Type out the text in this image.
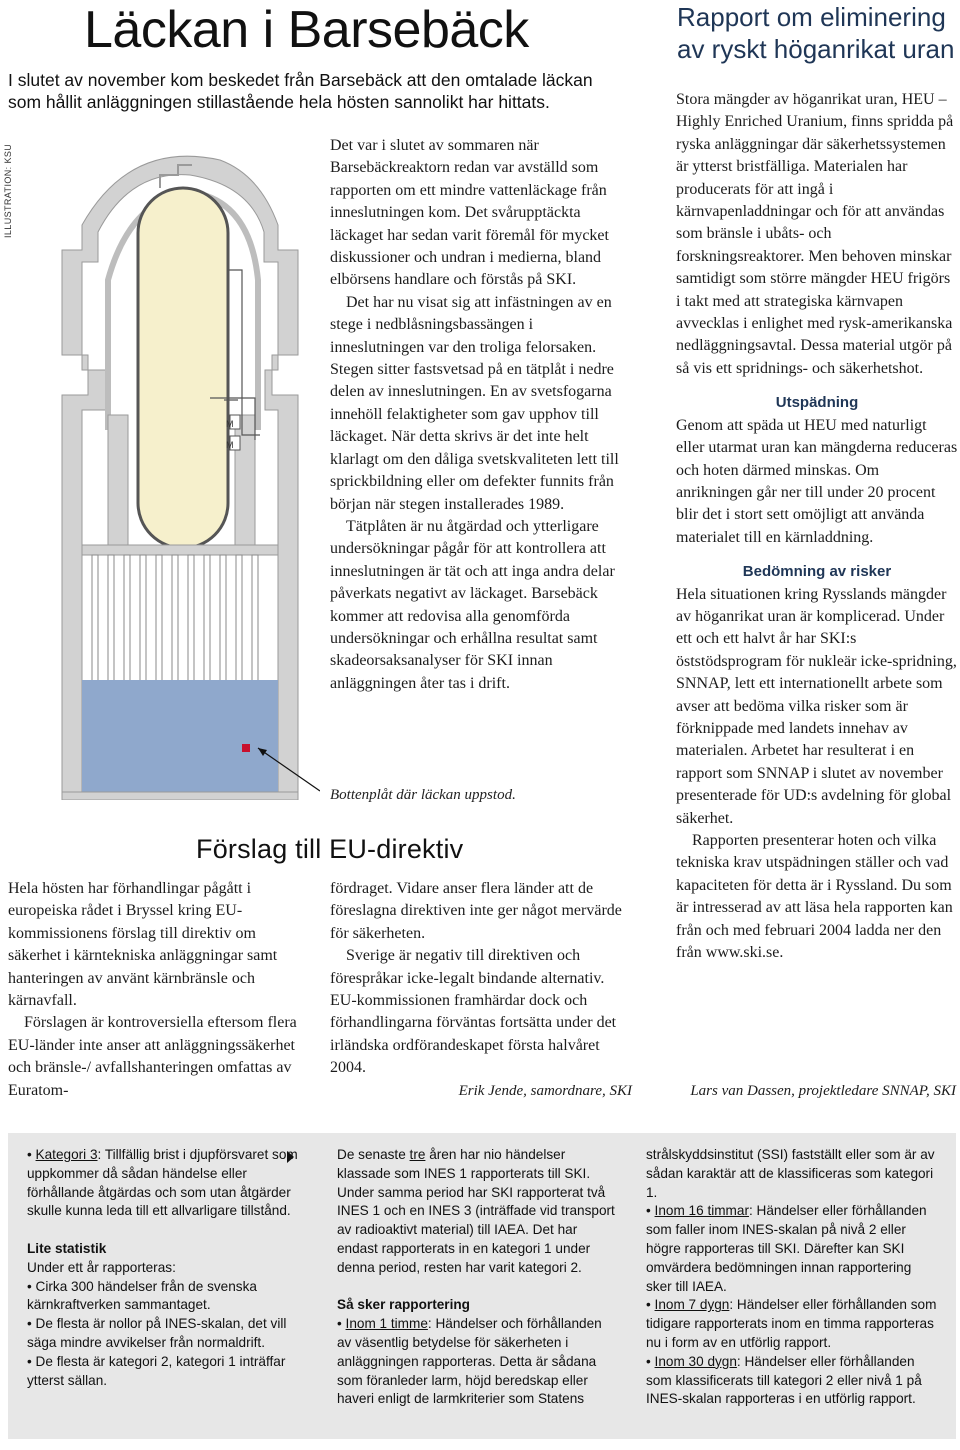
Läckan i Barsebäck
I slutet av november kom beskedet från Barsebäck att den omtalade läckan som hållit anläggningen stillastående hela hösten sannolikt har hittats.
ILLUSTRATION: KSU
M
M

Det var i slutet av sommaren när Barsebäckreaktorn redan var avställd som rapporten om ett mindre vattenläckage från inneslutningen kom. Det svårupptäckta läckaget har sedan varit föremål för mycket diskussioner och undran i medierna, bland elbörsens handlare och förstås på SKI.

Det har nu visat sig att infästningen av en stege i nedblåsningsbassängen i inneslutningen var den troliga felorsaken. Stegen sitter fastsvetsad på en tätplåt i nedre delen av inneslutningen. En av svetsfogarna innehöll felaktigheter som gav upphov till läckaget. När detta skrivs är det inte helt klarlagt om den dåliga svetskvaliteten lett till sprickbildning eller om defekter funnits från början när stegen installerades 1989.

Tätplåten är nu åtgärdad och ytterligare undersökningar pågår för att kontrollera att inneslutningen är tät och att inga andra delar påverkats negativt av läckaget. Barsebäck kommer att redovisa alla genomförda undersökningar och erhållna resultat samt skadeorsaksanalyser för SKI innan anläggningen åter tas i drift.

Bottenplåt där läckan uppstod.
Förslag till EU-direktiv

Hela hösten har förhandlingar pågått i europeiska rådet i Bryssel kring EU-kommissionens förslag till direktiv om säkerhet i kärntekniska anläggningar samt hanteringen av använt kärnbränsle och kärnavfall.

Förslagen är kontroversiella eftersom flera EU-länder inte anser att anläggningssäkerhet och bränsle-/ avfallshanteringen omfattas av Euratom-

fördraget. Vidare anser flera länder att de föreslagna direktiven inte ger något mervärde för säkerheten.

Sverige är negativ till direktiven och förespråkar icke-legalt bindande alternativ. EU-kommissionen framhärdar dock och förhandlingarna förväntas fortsätta under det irländska ordförandeskapet första halvåret 2004.

Erik Jende, samordnare, SKI
Rapport om eliminering av ryskt höganrikat uran

Stora mängder av höganrikat uran, HEU – Highly Enriched Uranium, finns spridda på ryska anläggningar där säkerhetssystemen är ytterst bristfälliga. Materialen har producerats för att ingå i kärnvapenladdningar och för att användas som bränsle i ubåts- och forskningsreaktorer. Men behoven minskar samtidigt som större mängder HEU frigörs i takt med att strategiska kärnvapen avvecklas i enlighet med rysk-amerikanska nedläggningsavtal. Dessa material utgör på så vis ett spridnings- och säkerhetshot.

Utspädning

Genom att späda ut HEU med naturligt eller utarmat uran kan mängderna reduceras och hoten därmed minskas. Om anrikningen går ner till under 20 procent blir det i stort sett omöjligt att använda materialet till en kärnladdning.

Bedömning av risker

Hela situationen kring Rysslands mängder av höganrikat uran är komplicerad. Under ett och ett halvt år har SKI:s öststödsprogram för nukleär icke-spridning, SNNAP, lett ett internationellt arbete som avser att bedöma vilka risker som är förknippade med landets innehav av materialen. Arbetet har resulterat i en rapport som SNNAP i slutet av november presenterade för UD:s avdelning för global säkerhet.

Rapporten presenterar hoten och vilka tekniska krav utspädningen ställer och vad kapaciteten för detta är i Ryssland. Du som är intresserad av att läsa hela rapporten kan från och med februari 2004 ladda ner den från www.ski.se.

Lars van Dassen, projektledare SNNAP, SKI

• Kategori 3: Tillfällig brist i djupförsvaret som uppkommer då sådan händelse eller förhållande åtgärdas och som utan åtgärder skulle kunna leda till ett allvarligare tillstånd.

Lite statistik

Under ett år rapporteras:

• Cirka 300 händelser från de svenska kärnkraftverken sammantaget.

• De flesta är nollor på INES-skalan, det vill säga mindre avvikelser från normaldrift.

• De flesta är kategori 2, kategori 1 inträffar ytterst sällan.

De senaste tre åren har nio händelser klassade som INES 1 rapporterats till SKI. Under samma period har SKI rapporterat två INES 1 och en INES 3 (inträffade vid transport av radioaktivt material) till IAEA. Det har endast rapporterats in en kategori 1 under denna period, resten har varit kategori 2.

Så sker rapportering

• Inom 1 timme: Händelser och förhållanden av väsentlig betydelse för säkerheten i anläggningen rapporteras. Detta är sådana som föranleder larm, höjd beredskap eller haveri enligt de larmkriterier som Statens

strålskyddsinstitut (SSI) fastställt eller som är av sådan karaktär att de klassificeras som kategori 1.

• Inom 16 timmar: Händelser eller förhållanden som faller inom INES-skalan på nivå 2 eller högre rapporteras till SKI. Därefter kan SKI omvärdera bedömningen innan rapportering sker till IAEA.

• Inom 7 dygn: Händelser eller förhållanden som tidigare rapporterats inom en timma rapporteras nu i form av en utförlig rapport.

• Inom 30 dygn: Händelser eller förhållanden som klassificerats till kategori 2 eller nivå 1 på INES-skalan rapporteras i en utförlig rapport.
